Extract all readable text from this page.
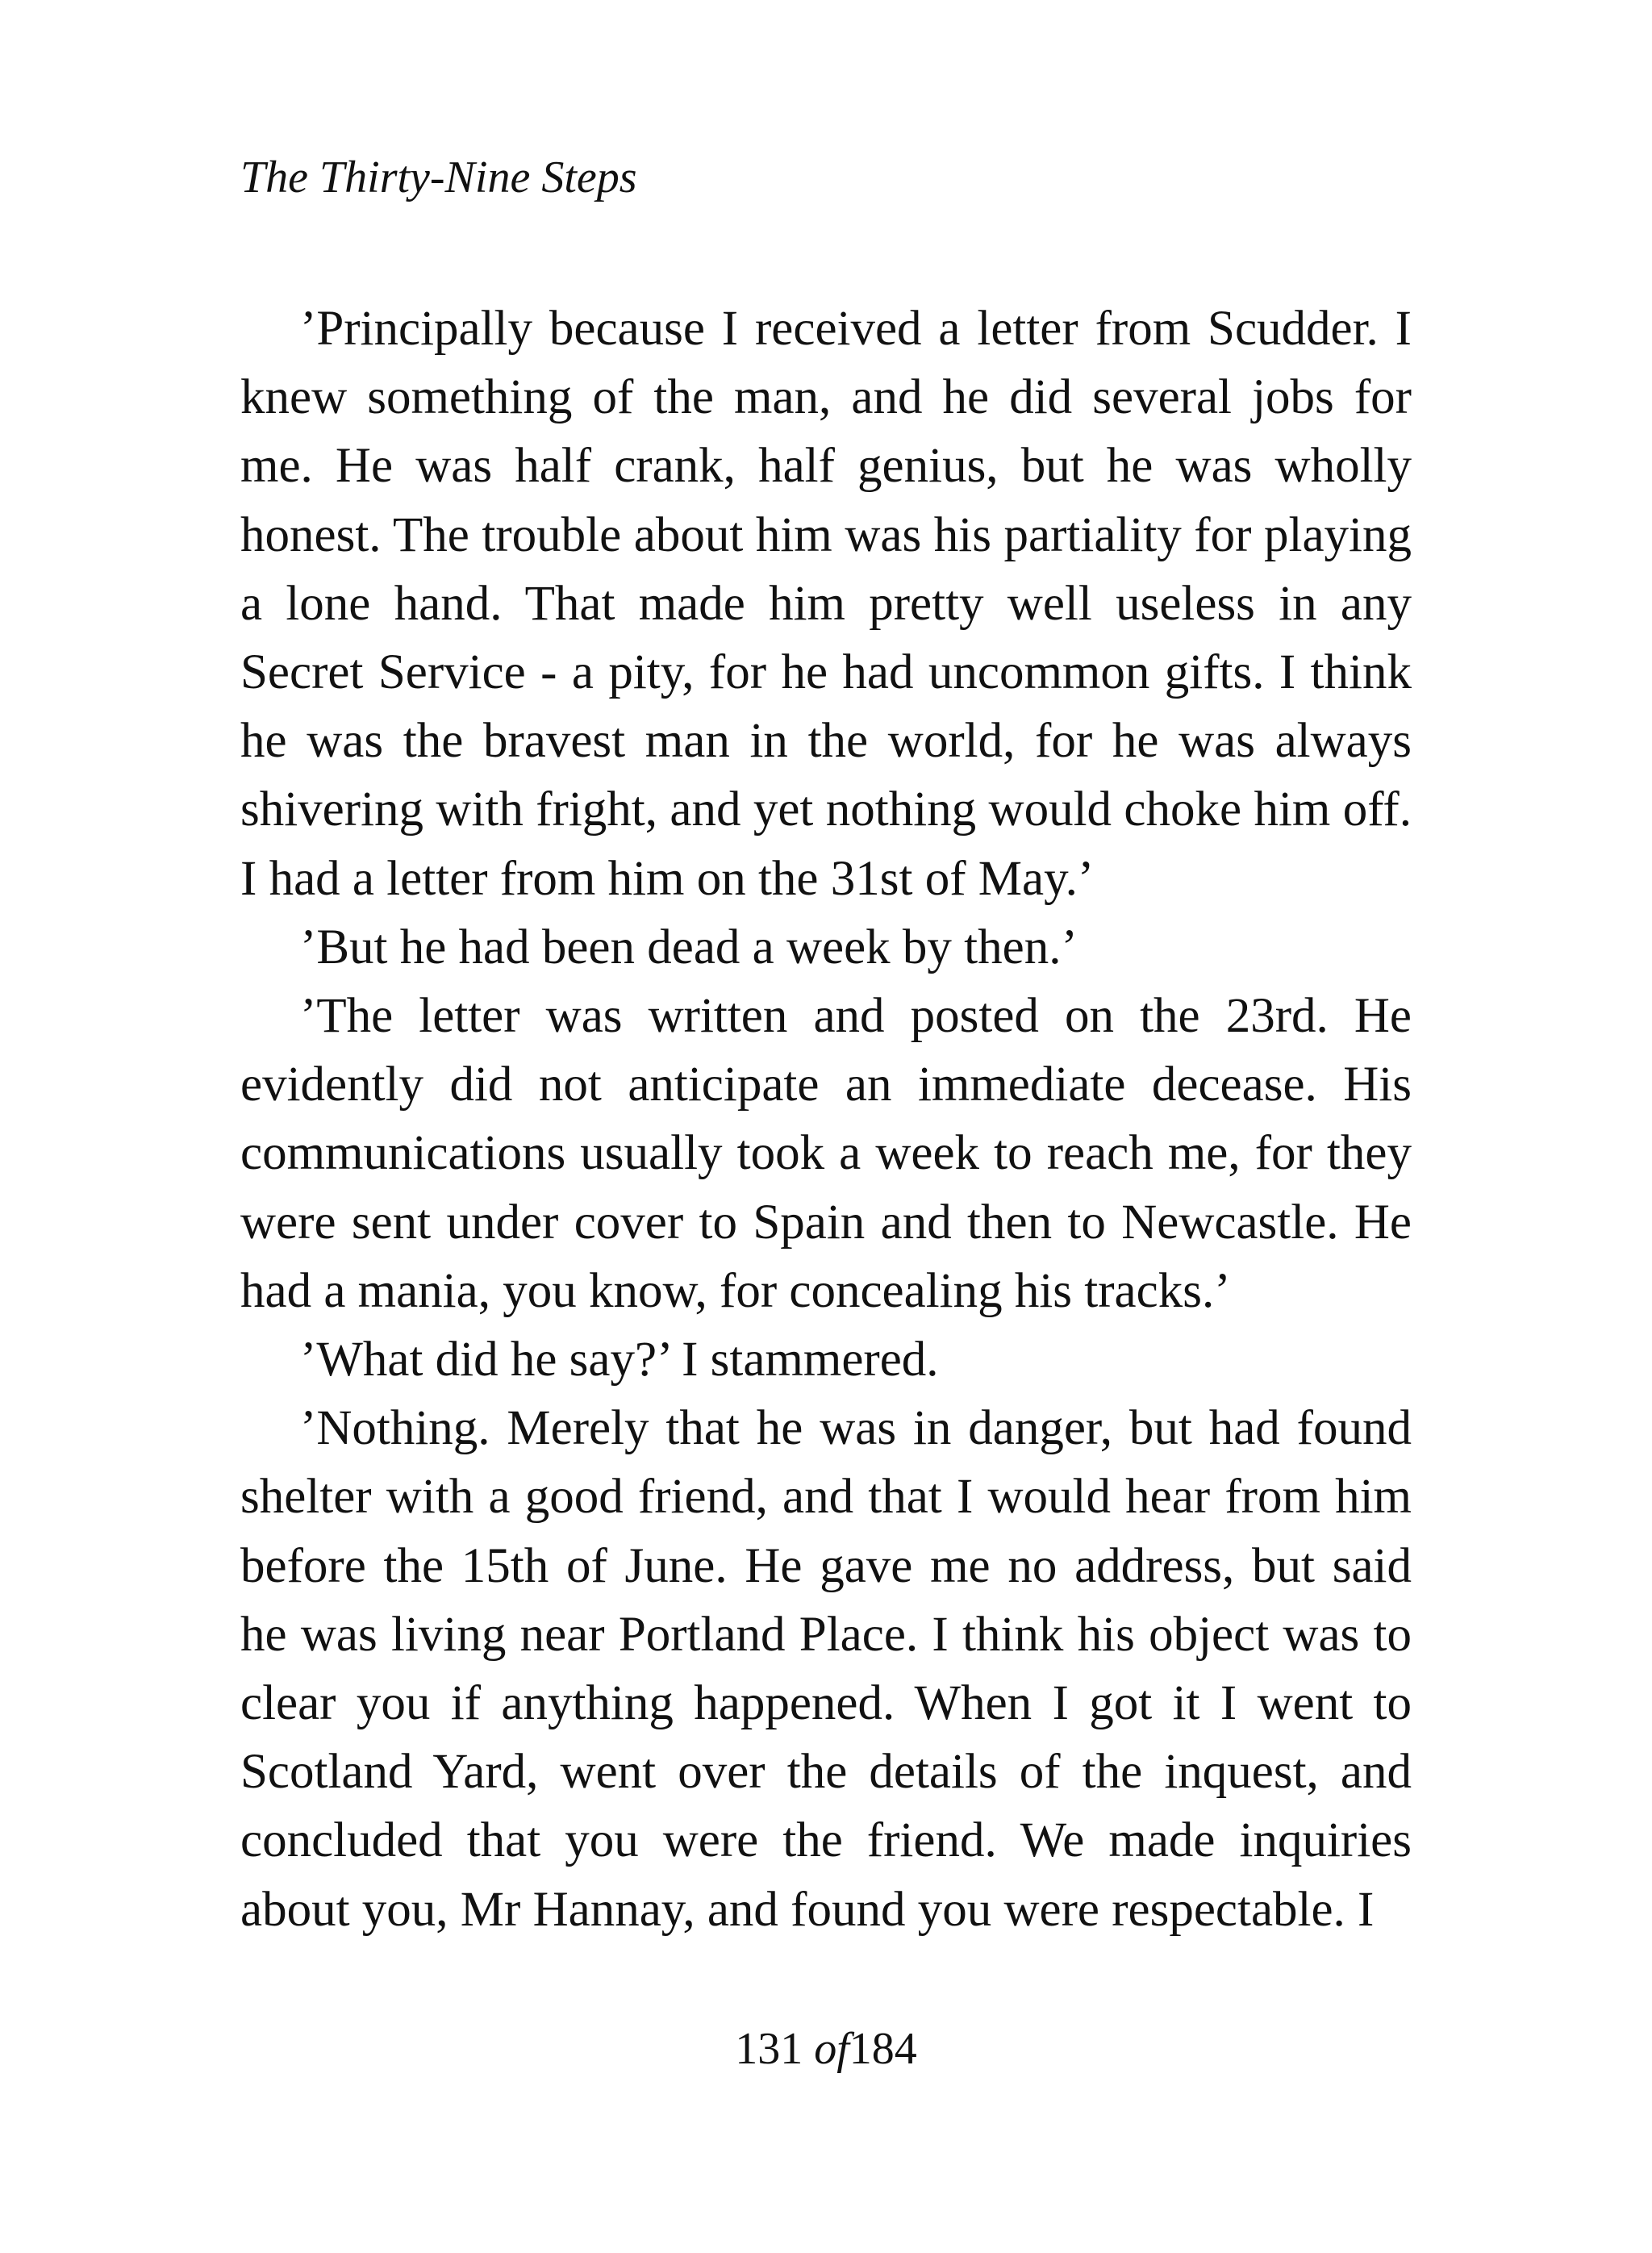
The Thirty-Nine Steps

’Principally because I received a letter from Scudder. I knew something of the man, and he did several jobs for me. He was half crank, half genius, but he was wholly honest. The trouble about him was his partiality for playing a lone hand. That made him pretty well useless in any Secret Service - a pity, for he had uncommon gifts. I think he was the bravest man in the world, for he was always shivering with fright, and yet nothing would choke him off. I had a letter from him on the 31st of May.’

’But he had been dead a week by then.’

’The letter was written and posted on the 23rd. He evidently did not anticipate an immediate decease. His communications usually took a week to reach me, for they were sent under cover to Spain and then to Newcastle. He had a mania, you know, for concealing his tracks.’

’What did he say?’ I stammered.

’Nothing. Merely that he was in danger, but had found shelter with a good friend, and that I would hear from him before the 15th of June. He gave me no address, but said he was living near Portland Place. I think his object was to clear you if anything happened. When I got it I went to Scotland Yard, went over the details of the inquest, and concluded that you were the friend. We made inquiries about you, Mr Hannay, and found you were respectable. I

131 of184
